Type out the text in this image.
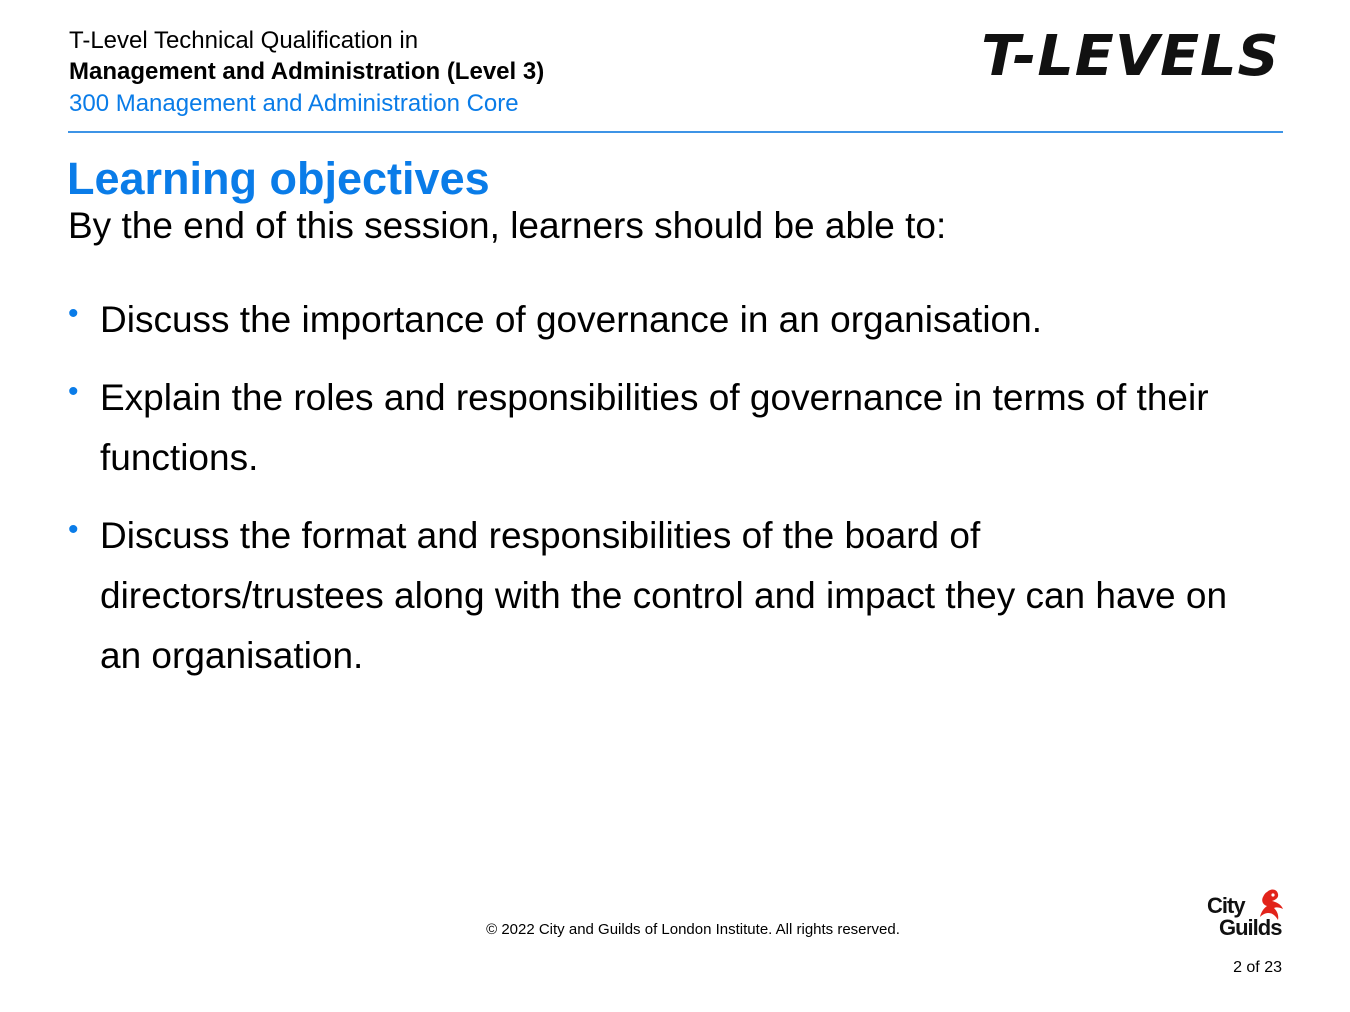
T-Level Technical Qualification in
Management and Administration (Level 3)
300 Management and Administration Core
T-LEVELS
Learning objectives
By the end of this session, learners should be able to:
• Discuss the importance of governance in an organisation.
• Explain the roles and responsibilities of governance in terms of their functions.
• Discuss the format and responsibilities of the board of directors/trustees along with the control and impact they can have on an organisation.
© 2022 City and Guilds of London Institute. All rights reserved.
City
Guilds
2 of 23
